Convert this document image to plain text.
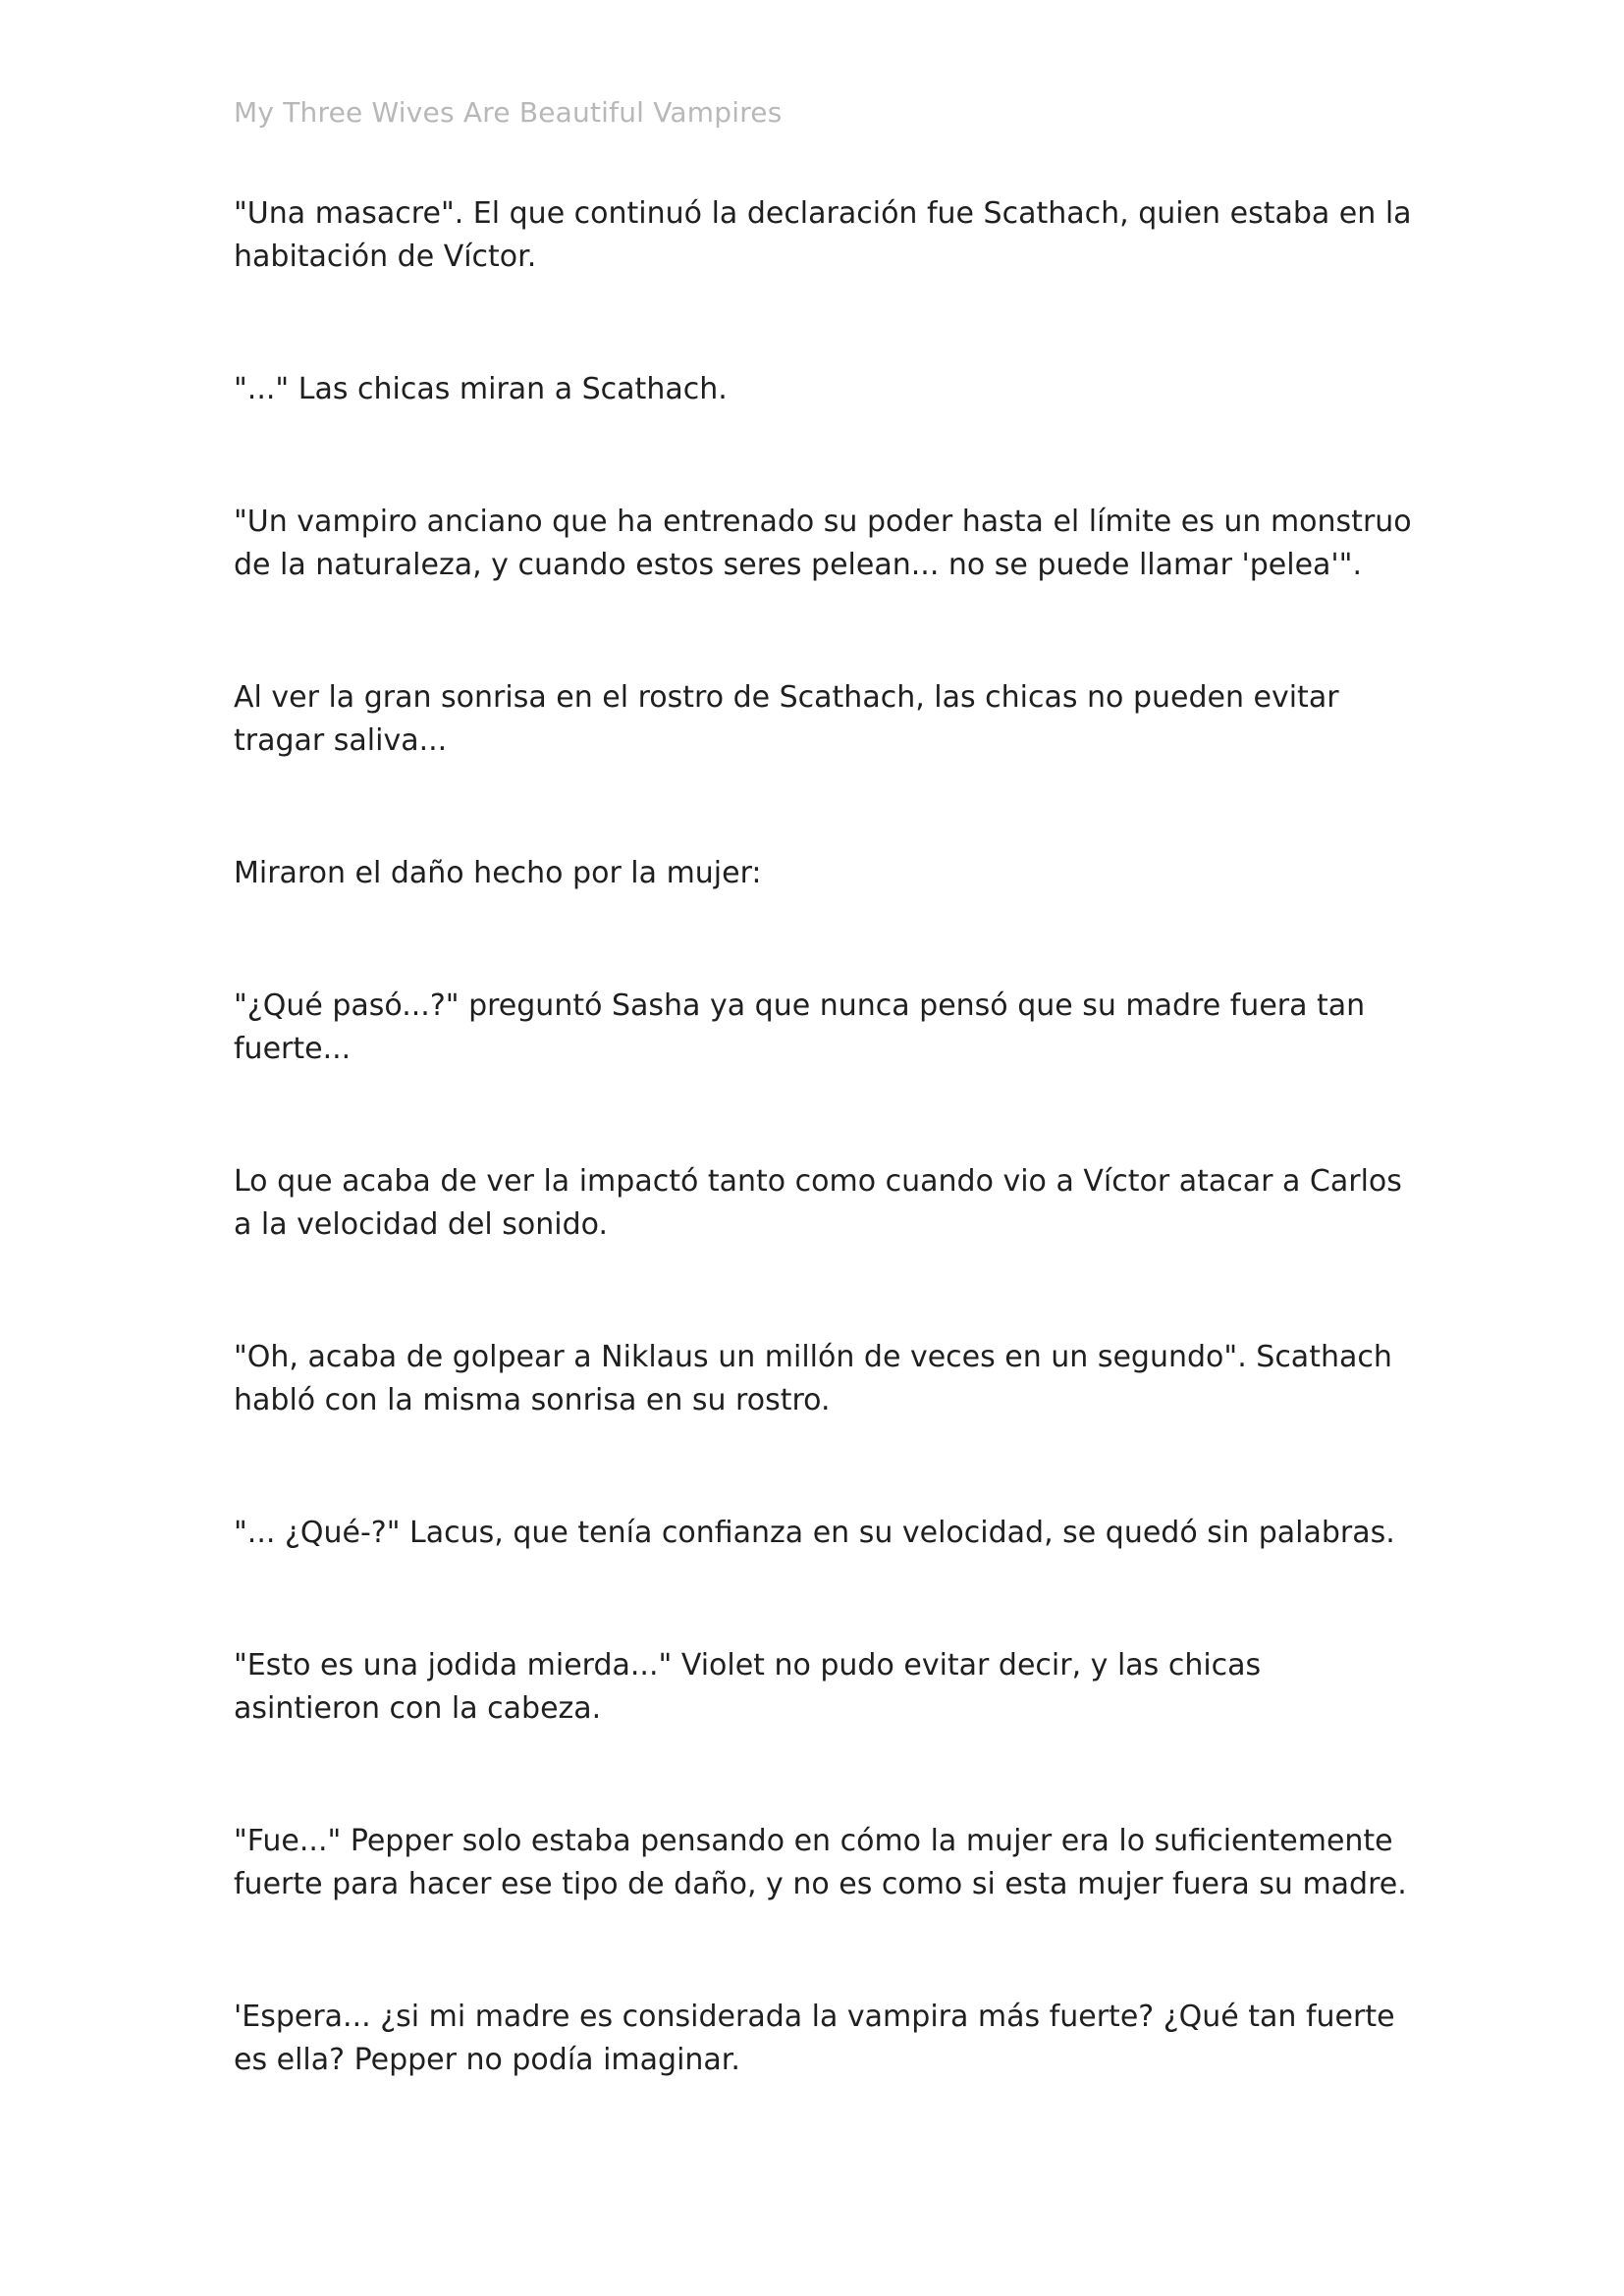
My Three Wives Are Beautiful Vampires

"Una masacre". El que continuó la declaración fue Scathach, quien estaba en la habitación de Víctor.

"..." Las chicas miran a Scathach.

"Un vampiro anciano que ha entrenado su poder hasta el límite es un monstruo de la naturaleza, y cuando estos seres pelean... no se puede llamar 'pelea'".

Al ver la gran sonrisa en el rostro de Scathach, las chicas no pueden evitar tragar saliva...

Miraron el daño hecho por la mujer:

"¿Qué pasó...?" preguntó Sasha ya que nunca pensó que su madre fuera tan fuerte...

Lo que acaba de ver la impactó tanto como cuando vio a Víctor atacar a Carlos a la velocidad del sonido.

"Oh, acaba de golpear a Niklaus un millón de veces en un segundo". Scathach habló con la misma sonrisa en su rostro.

"... ¿Qué-?" Lacus, que tenía confianza en su velocidad, se quedó sin palabras.

"Esto es una jodida mierda..." Violet no pudo evitar decir, y las chicas asintieron con la cabeza.

"Fue..." Pepper solo estaba pensando en cómo la mujer era lo suficientemente fuerte para hacer ese tipo de daño, y no es como si esta mujer fuera su madre.

'Espera... ¿si mi madre es considerada la vampira más fuerte? ¿Qué tan fuerte es ella? Pepper no podía imaginar.
